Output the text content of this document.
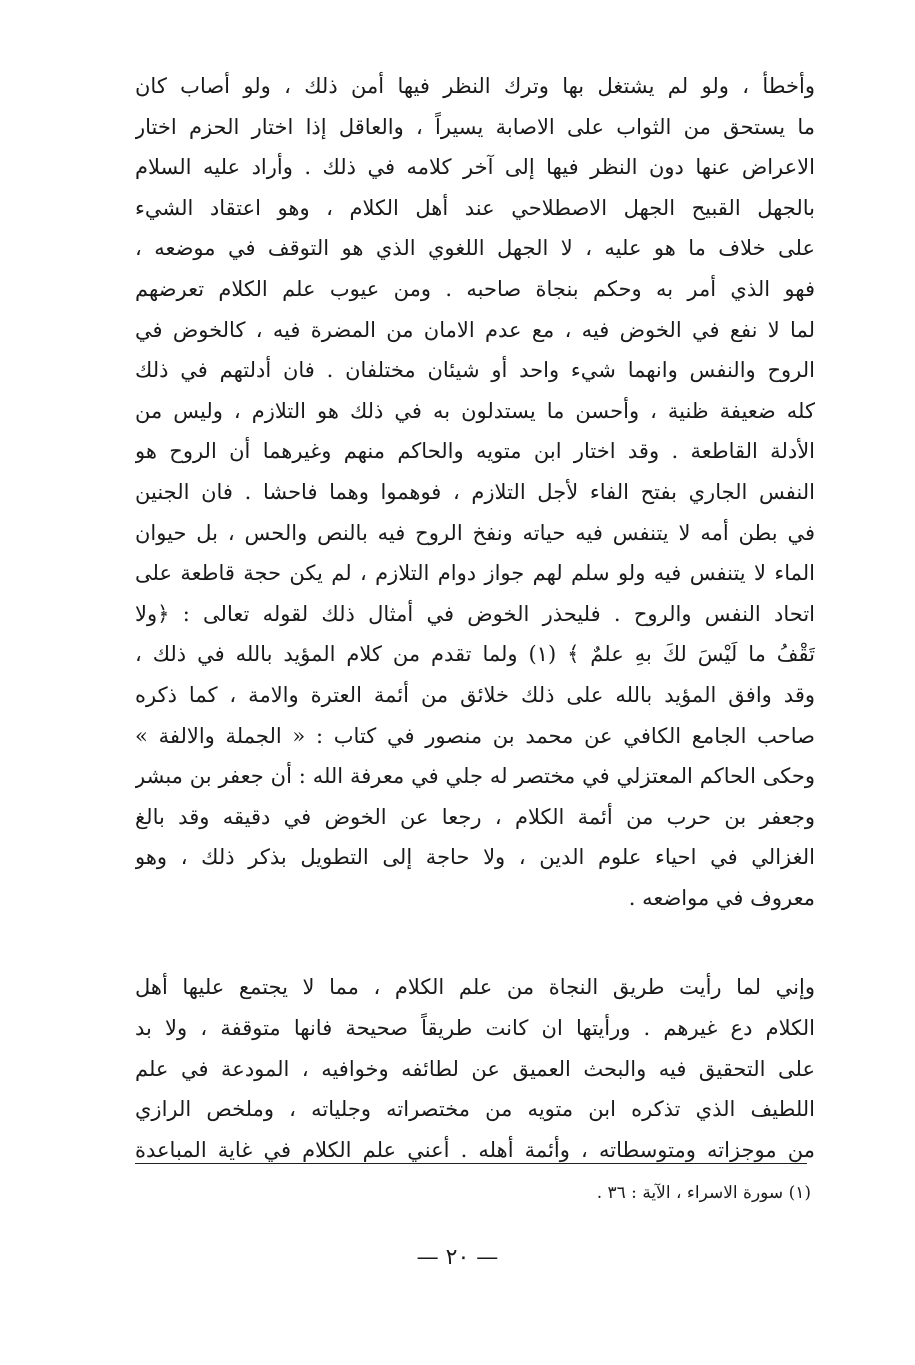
وأخطأ ، ولو لم يشتغل بها وترك النظر فيها أمن ذلك ، ولو أصاب كان
ما يستحق من الثواب على الاصابة يسيراً ، والعاقل إذا اختار الحزم اختار
الاعراض عنها دون النظر فيها إلى آخر كلامه في ذلك . وأراد عليه السلام
بالجهل القبيح الجهل الاصطلاحي عند أهل الكلام ، وهو اعتقاد الشيء
على خلاف ما هو عليه ، لا الجهل اللغوي الذي هو التوقف في موضعه ،
فهو الذي أمر به وحكم بنجاة صاحبه . ومن عيوب علم الكلام تعرضهم
لما لا نفع في الخوض فيه ، مع عدم الامان من المضرة فيه ، كالخوض في
الروح والنفس وانهما شيء واحد أو شيئان مختلفان . فان أدلتهم في ذلك
كله ضعيفة ظنية ، وأحسن ما يستدلون به في ذلك هو التلازم ، وليس من
الأدلة القاطعة . وقد اختار ابن متويه والحاكم منهم وغيرهما أن الروح هو
النفس الجاري بفتح الفاء لأجل التلازم ، فوهموا وهما فاحشا . فان الجنين
في بطن أمه لا يتنفس فيه حياته ونفخ الروح فيه بالنص والحس ، بل حيوان
الماء لا يتنفس فيه ولو سلم لهم جواز دوام التلازم ، لم يكن حجة قاطعة على
اتحاد النفس والروح . فليحذر الخوض في أمثال ذلك لقوله تعالى : ﴿ولا
تَقْفُ ما لَيْسَ لكَ بهِ علمٌ ﴾ (١) ولما تقدم من كلام المؤيد بالله في ذلك ،
وقد وافق المؤيد بالله على ذلك خلائق من أئمة العترة والامة ، كما ذكره
صاحب الجامع الكافي عن محمد بن منصور في كتاب : « الجملة والالفة »
وحكى الحاكم المعتزلي في مختصر له جلي في معرفة الله : أن جعفر بن مبشر
وجعفر بن حرب من أئمة الكلام ، رجعا عن الخوض في دقيقه وقد بالغ
الغزالي في احياء علوم الدين ، ولا حاجة إلى التطويل بذكر ذلك ، وهو
معروف في مواضعه .
وإني لما رأيت طريق النجاة من علم الكلام ، مما لا يجتمع عليها أهل
الكلام دع غيرهم . ورأيتها ان كانت طريقاً صحيحة فانها متوقفة ، ولا بد
على التحقيق فيه والبحث العميق عن لطائفه وخوافيه ، المودعة في علم
اللطيف الذي تذكره ابن متويه من مختصراته وجلياته ، وملخص الرازي
من موجزاته ومتوسطاته ، وأئمة أهله . أعني علم الكلام في غاية المباعدة
(١) سورة الاسراء ، الآية : ٣٦ .
— ٢٠ —
